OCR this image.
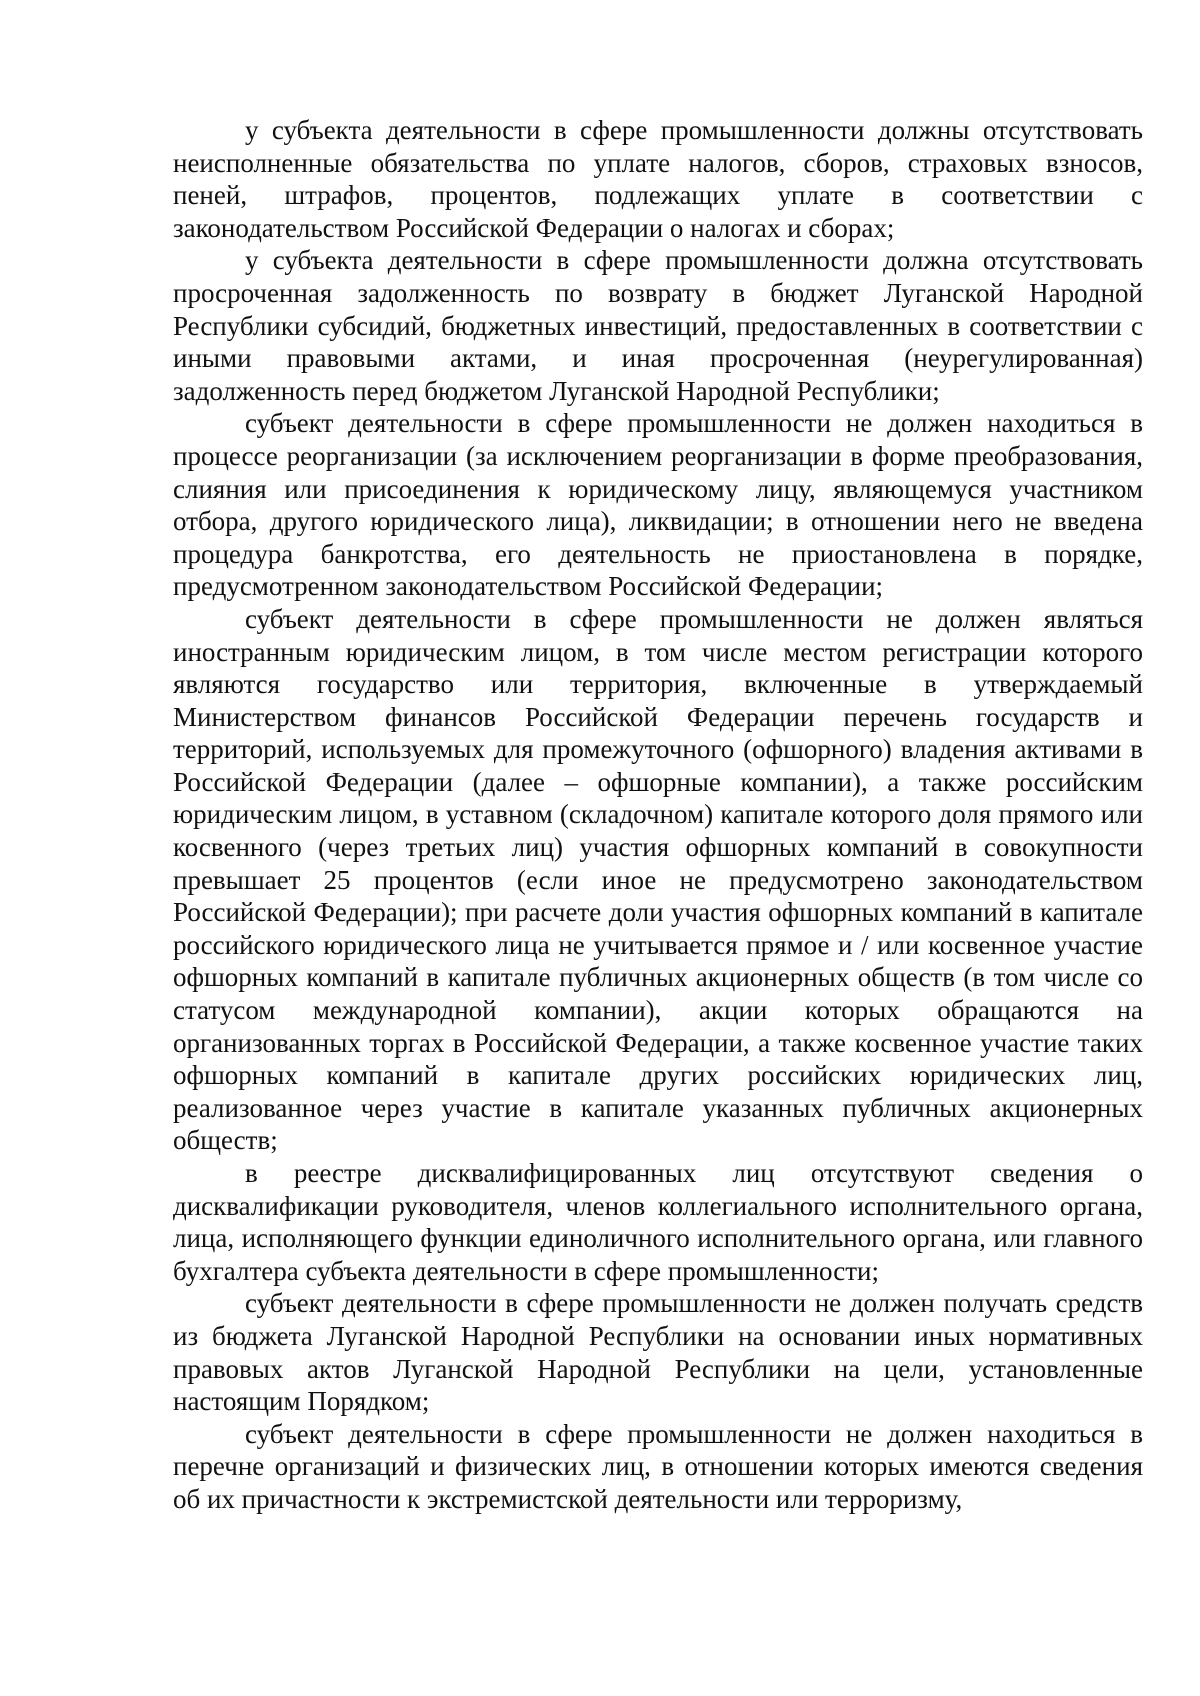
у субъекта деятельности в сфере промышленности должны отсутствовать неисполненные обязательства по уплате налогов, сборов, страховых взносов, пеней, штрафов, процентов, подлежащих уплате в соответствии с законодательством Российской Федерации о налогах и сборах;

у субъекта деятельности в сфере промышленности должна отсутствовать просроченная задолженность по возврату в бюджет Луганской Народной Республики субсидий, бюджетных инвестиций, предоставленных в соответствии с иными правовыми актами, и иная просроченная (неурегулированная) задолженность перед бюджетом Луганской Народной Республики;

субъект деятельности в сфере промышленности не должен находиться в процессе реорганизации (за исключением реорганизации в форме преобразования, слияния или присоединения к юридическому лицу, являющемуся участником отбора, другого юридического лица), ликвидации; в отношении него не введена процедура банкротства, его деятельность не приостановлена в порядке, предусмотренном законодательством Российской Федерации;

субъект деятельности в сфере промышленности не должен являться иностранным юридическим лицом, в том числе местом регистрации которого являются государство или территория, включенные в утверждаемый Министерством финансов Российской Федерации перечень государств и территорий, используемых для промежуточного (офшорного) владения активами в Российской Федерации (далее – офшорные компании), а также российским юридическим лицом, в уставном (складочном) капитале которого доля прямого или косвенного (через третьих лиц) участия офшорных компаний в совокупности превышает 25 процентов (если иное не предусмотрено законодательством Российской Федерации); при расчете доли участия офшорных компаний в капитале российского юридического лица не учитывается прямое и / или косвенное участие офшорных компаний в капитале публичных акционерных обществ (в том числе со статусом международной компании), акции которых обращаются на организованных торгах в Российской Федерации, а также косвенное участие таких офшорных компаний в капитале других российских юридических лиц, реализованное через участие в капитале указанных публичных акционерных обществ;

в реестре дисквалифицированных лиц отсутствуют сведения о дисквалификации руководителя, членов коллегиального исполнительного органа, лица, исполняющего функции единоличного исполнительного органа, или главного бухгалтера субъекта деятельности в сфере промышленности;

субъект деятельности в сфере промышленности не должен получать средств из бюджета Луганской Народной Республики на основании иных нормативных правовых актов Луганской Народной Республики на цели, установленные настоящим Порядком;

субъект деятельности в сфере промышленности не должен находиться в перечне организаций и физических лиц, в отношении которых имеются сведения об их причастности к экстремистской деятельности или терроризму,
